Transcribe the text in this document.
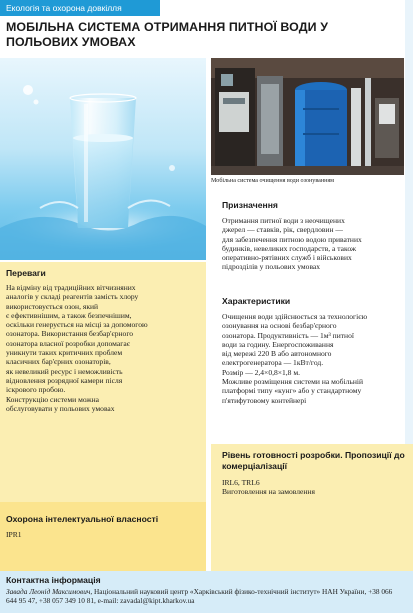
Екологія та охорона довкілля
МОБІЛЬНА СИСТЕМА ОТРИМАННЯ ПИТНОЇ ВОДИ У ПОЛЬОВИХ УМОВАХ
Мобільна система очищення води озонуванням
Призначення
Отримання питної води з неочищених
джерел — ставків, рік, свердловин —
для забезпечення питною водою приватних
будинків, невеликих господарств, а також
оперативно-рятівних служб і військових
підрозділів у польових умовах
Переваги
На відміну від традиційних вітчизняних
аналогів у складі реагентів замість хлору
використовується озон, який
є ефективнішим, а також безпечнішим,
оскільки генерується на місці за допомогою
озонатора. Використання безбар'єрного
озонатора власної розробки допомагає
уникнути таких критичних проблем
класичних бар'єрних озонаторів,
як невеликий ресурс і неможливість
відновлення розрядної камери після
іскрового пробою.
Конструкцію системи можна
обслуговувати у польових умовах
Характеристики
Очищення води здійснюється за технологією
озонування на основі безбар'єрного
озонатора. Продуктивність — 1м³ питної
води за годину. Енергоспоживання
від мережі 220 В або автономного
електрогенератора — 1кВт/год.
Розмір — 2,4×0,8×1,8 м.
Можливе розміщення системи на мобільній
платформі типу «кунг» або у стандартному
п'ятифутовому контейнері
Рівень готовності розробки. Пропозиції до комерціалізації
IRL6, TRL6
Виготовлення на замовлення
Охорона інтелектуальної власності
IPR1
Контактна інформація
Завада Леонід Максимович, Національний науковий центр «Харківський фізико-технічний інститут» НАН України, +38 066 644 95 47, +38 057 349 10 81, e-mail: zavadal@kipt.kharkov.ua
